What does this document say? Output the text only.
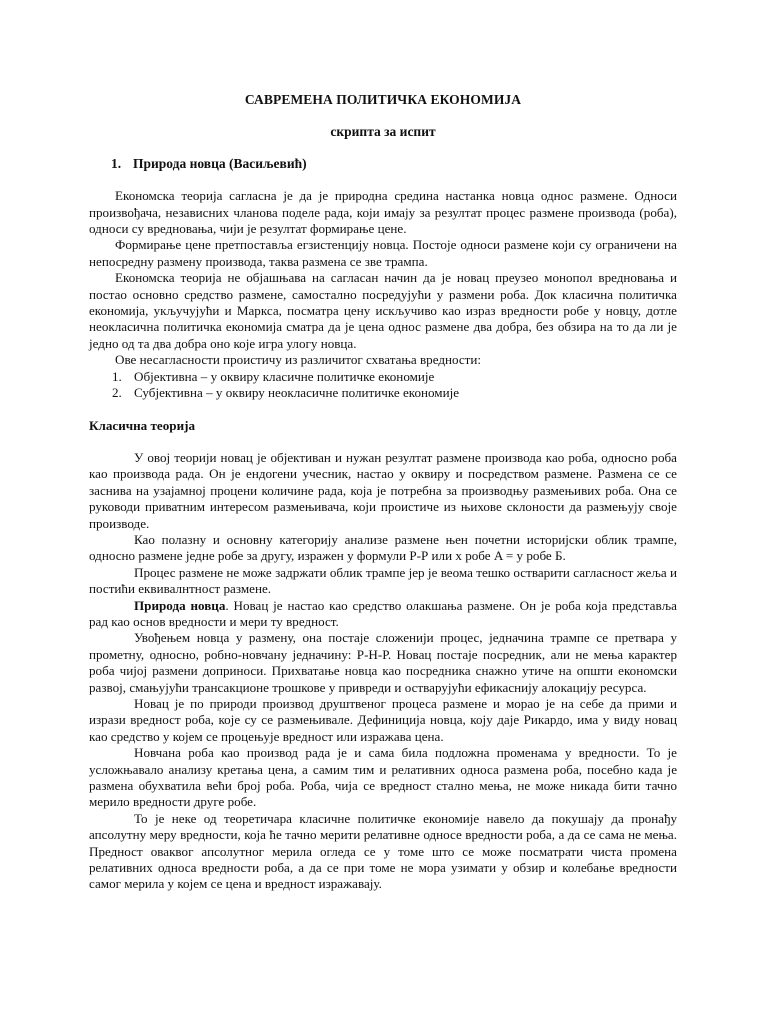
САВРЕМЕНА ПОЛИТИЧКА ЕКОНОМИЈА
скрипта за испит
1. Природа новца (Васиљевић)

Економска теорија сагласна је да је природна средина настанка новца однос размене. Односи произвођача, независних чланова поделе рада, који имају за резултат процес размене производа (роба), односи су вредновања, чији је резултат формирање цене.

Формирање цене претпоставља егзистенцију новца. Постоје односи размене који су ограничени на непосредну размену производа, таква размена се зве трампа.

Економска теорија не објашњава на сагласан начин да је новац преузео монопол вредновања и постао основно средство размене, самостално посредујући у размени роба. Док класична политичка економија, укључујући и Маркса, посматра цену искључиво као израз вредности робе у новцу, дотле неокласична политичка економија сматра да је цена однос размене два добра, без обзира на то да ли је једно од та два добра оно које игра улогу новца.

Ове несагласности проистичу из различитог схватања вредности:

1. Објективна – у оквиру класичне политичке економије
2. Субјективна – у оквиру неокласичне политичке економије
Класична теорија

У овој теорији новац је објективан и нужан резултат размене производа као роба, односно роба као производа рада. Он је ендогени учесник, настао у оквиру и посредством размене. Размена се се заснива на узајамној процени количине рада, која је потребна за производњу размењивих роба. Она се руководи приватним интересом размењивача, који проистиче из њихове склоности да размењују своје производе.

Као полазну и основну категорију анализе размене њен почетни историјски облик трампе, односно размене једне робе за другу, изражен у формули Р-Р или x робе A = y робе Б.

Процес размене не може задржати облик трампе јер је веома тешко остварити сагласност жеља и постићи еквивалнтност размене.

Природа новца. Новац је настао као средство олакшања размене. Он је роба која представља рад као основ вредности и мери ту вредност.

Увођењем новца у размену, она постаје сложенији процес, једначина трампе се претвара у прометну, односно, робно-новчану једначину: Р-Н-Р. Новац постаје посредник, али не мења карактер роба чијој размени доприноси. Прихватање новца као посредника снажно утиче на општи економски развој, смањујући трансакционе трошкове у привреди и остварујући ефикасниjу алокацију ресурса.

Новац је по природи производ друштвеног процеса размене и морао је на себе да прими и изрази вредност роба, које су се размењивале. Дефиниција новца, коју даје Рикардо, има у виду новац као средство у којем се процењује вредност или изражава цена.

Новчана роба као производ рада је и сама била подложна променама у вредности. То је усложњавало анализу кретања цена, а самим тим и релативних односа размена роба, посебно када је размена обухватила већи број роба. Роба, чија се вредност стално мења, не може никада бити тачно мерило вредности друге робе.

То је неке од теоретичара класичне политичке економије навело да покушају да пронађу апсолутну меру вредности, која ће тачно мерити релативне односе вредности роба, а да се сама не мења. Предност оваквог апсолутног мерила огледа се у томе што се може посматрати чиста промена релативних односа вредности роба, а да се при томе не мора узимати у обзир и колебање вредности самог мерила у којем се цена и вредност изражавају.
